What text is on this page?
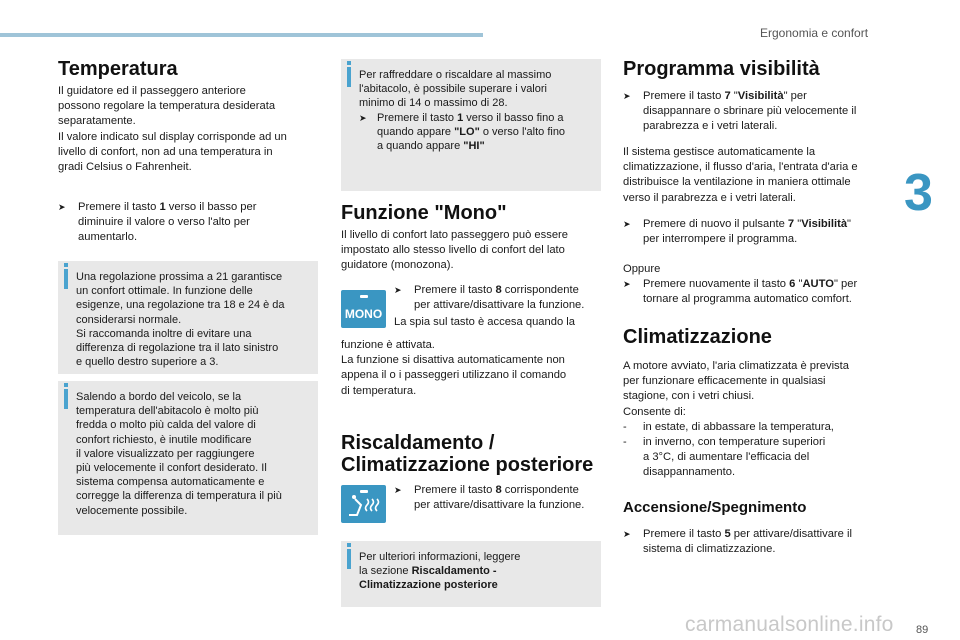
Ergonomia e confort
3
Temperatura
Il guidatore ed il passeggero anteriore
possono regolare la temperatura desiderata
separatamente.
Il valore indicato sul display corrisponde ad un
livello di confort, non ad una temperatura in
gradi Celsius o Fahrenheit.
➤ Premere il tasto 1 verso il basso per
diminuire il valore o verso l'alto per
aumentarlo.
Una regolazione prossima a 21 garantisce
un confort ottimale. In funzione delle
esigenze, una regolazione tra 18 e 24 è da
considerarsi normale.
Si raccomanda inoltre di evitare una
differenza di regolazione tra il lato sinistro
e quello destro superiore a 3.
Salendo a bordo del veicolo, se la
temperatura dell'abitacolo è molto più
fredda o molto più calda del valore di
confort richiesto, è inutile modificare
il valore visualizzato per raggiungere
più velocemente il confort desiderato. Il
sistema compensa automaticamente e
corregge la differenza di temperatura il più
velocemente possibile.
Per raffreddare o riscaldare al massimo
l'abitacolo, è possibile superare i valori
minimo di 14 o massimo di 28.
➤ Premere il tasto 1 verso il basso fino a
quando appare "LO" o verso l'alto fino
a quando appare "HI"
Funzione "Mono"
Il livello di confort lato passeggero può essere
impostato allo stesso livello di confort del lato
guidatore (monozona).
MONO
➤ Premere il tasto 8 corrispondente
per attivare/disattivare la funzione.
La spia sul tasto è accesa quando la
funzione è attivata.
La funzione si disattiva automaticamente non
appena il o i passeggeri utilizzano il comando
di temperatura.
Riscaldamento /
Climatizzazione posteriore
➤ Premere il tasto 8 corrispondente
per attivare/disattivare la funzione.
Per ulteriori informazioni, leggere
la sezione Riscaldamento -
Climatizzazione posteriore
Programma visibilità
➤ Premere il tasto 7 "Visibilità" per
disappannare o sbrinare più velocemente il
parabrezza e i vetri laterali.
Il sistema gestisce automaticamente la
climatizzazione, il flusso d'aria, l'entrata d'aria e
distribuisce la ventilazione in maniera ottimale
verso il parabrezza e i vetri laterali.
➤ Premere di nuovo il pulsante 7 "Visibilità"
per interrompere il programma.
Oppure
➤ Premere nuovamente il tasto 6 "AUTO" per
tornare al programma automatico comfort.
Climatizzazione
A motore avviato, l'aria climatizzata è prevista
per funzionare efficacemente in qualsiasi
stagione, con i vetri chiusi.
Consente di:
- in estate, di abbassare la temperatura,
- in inverno, con temperature superiori
a 3°C, di aumentare l'efficacia del
disappannamento.
Accensione/Spegnimento
➤ Premere il tasto 5 per attivare/disattivare il
sistema di climatizzazione.
carmanualsonline.info 89
